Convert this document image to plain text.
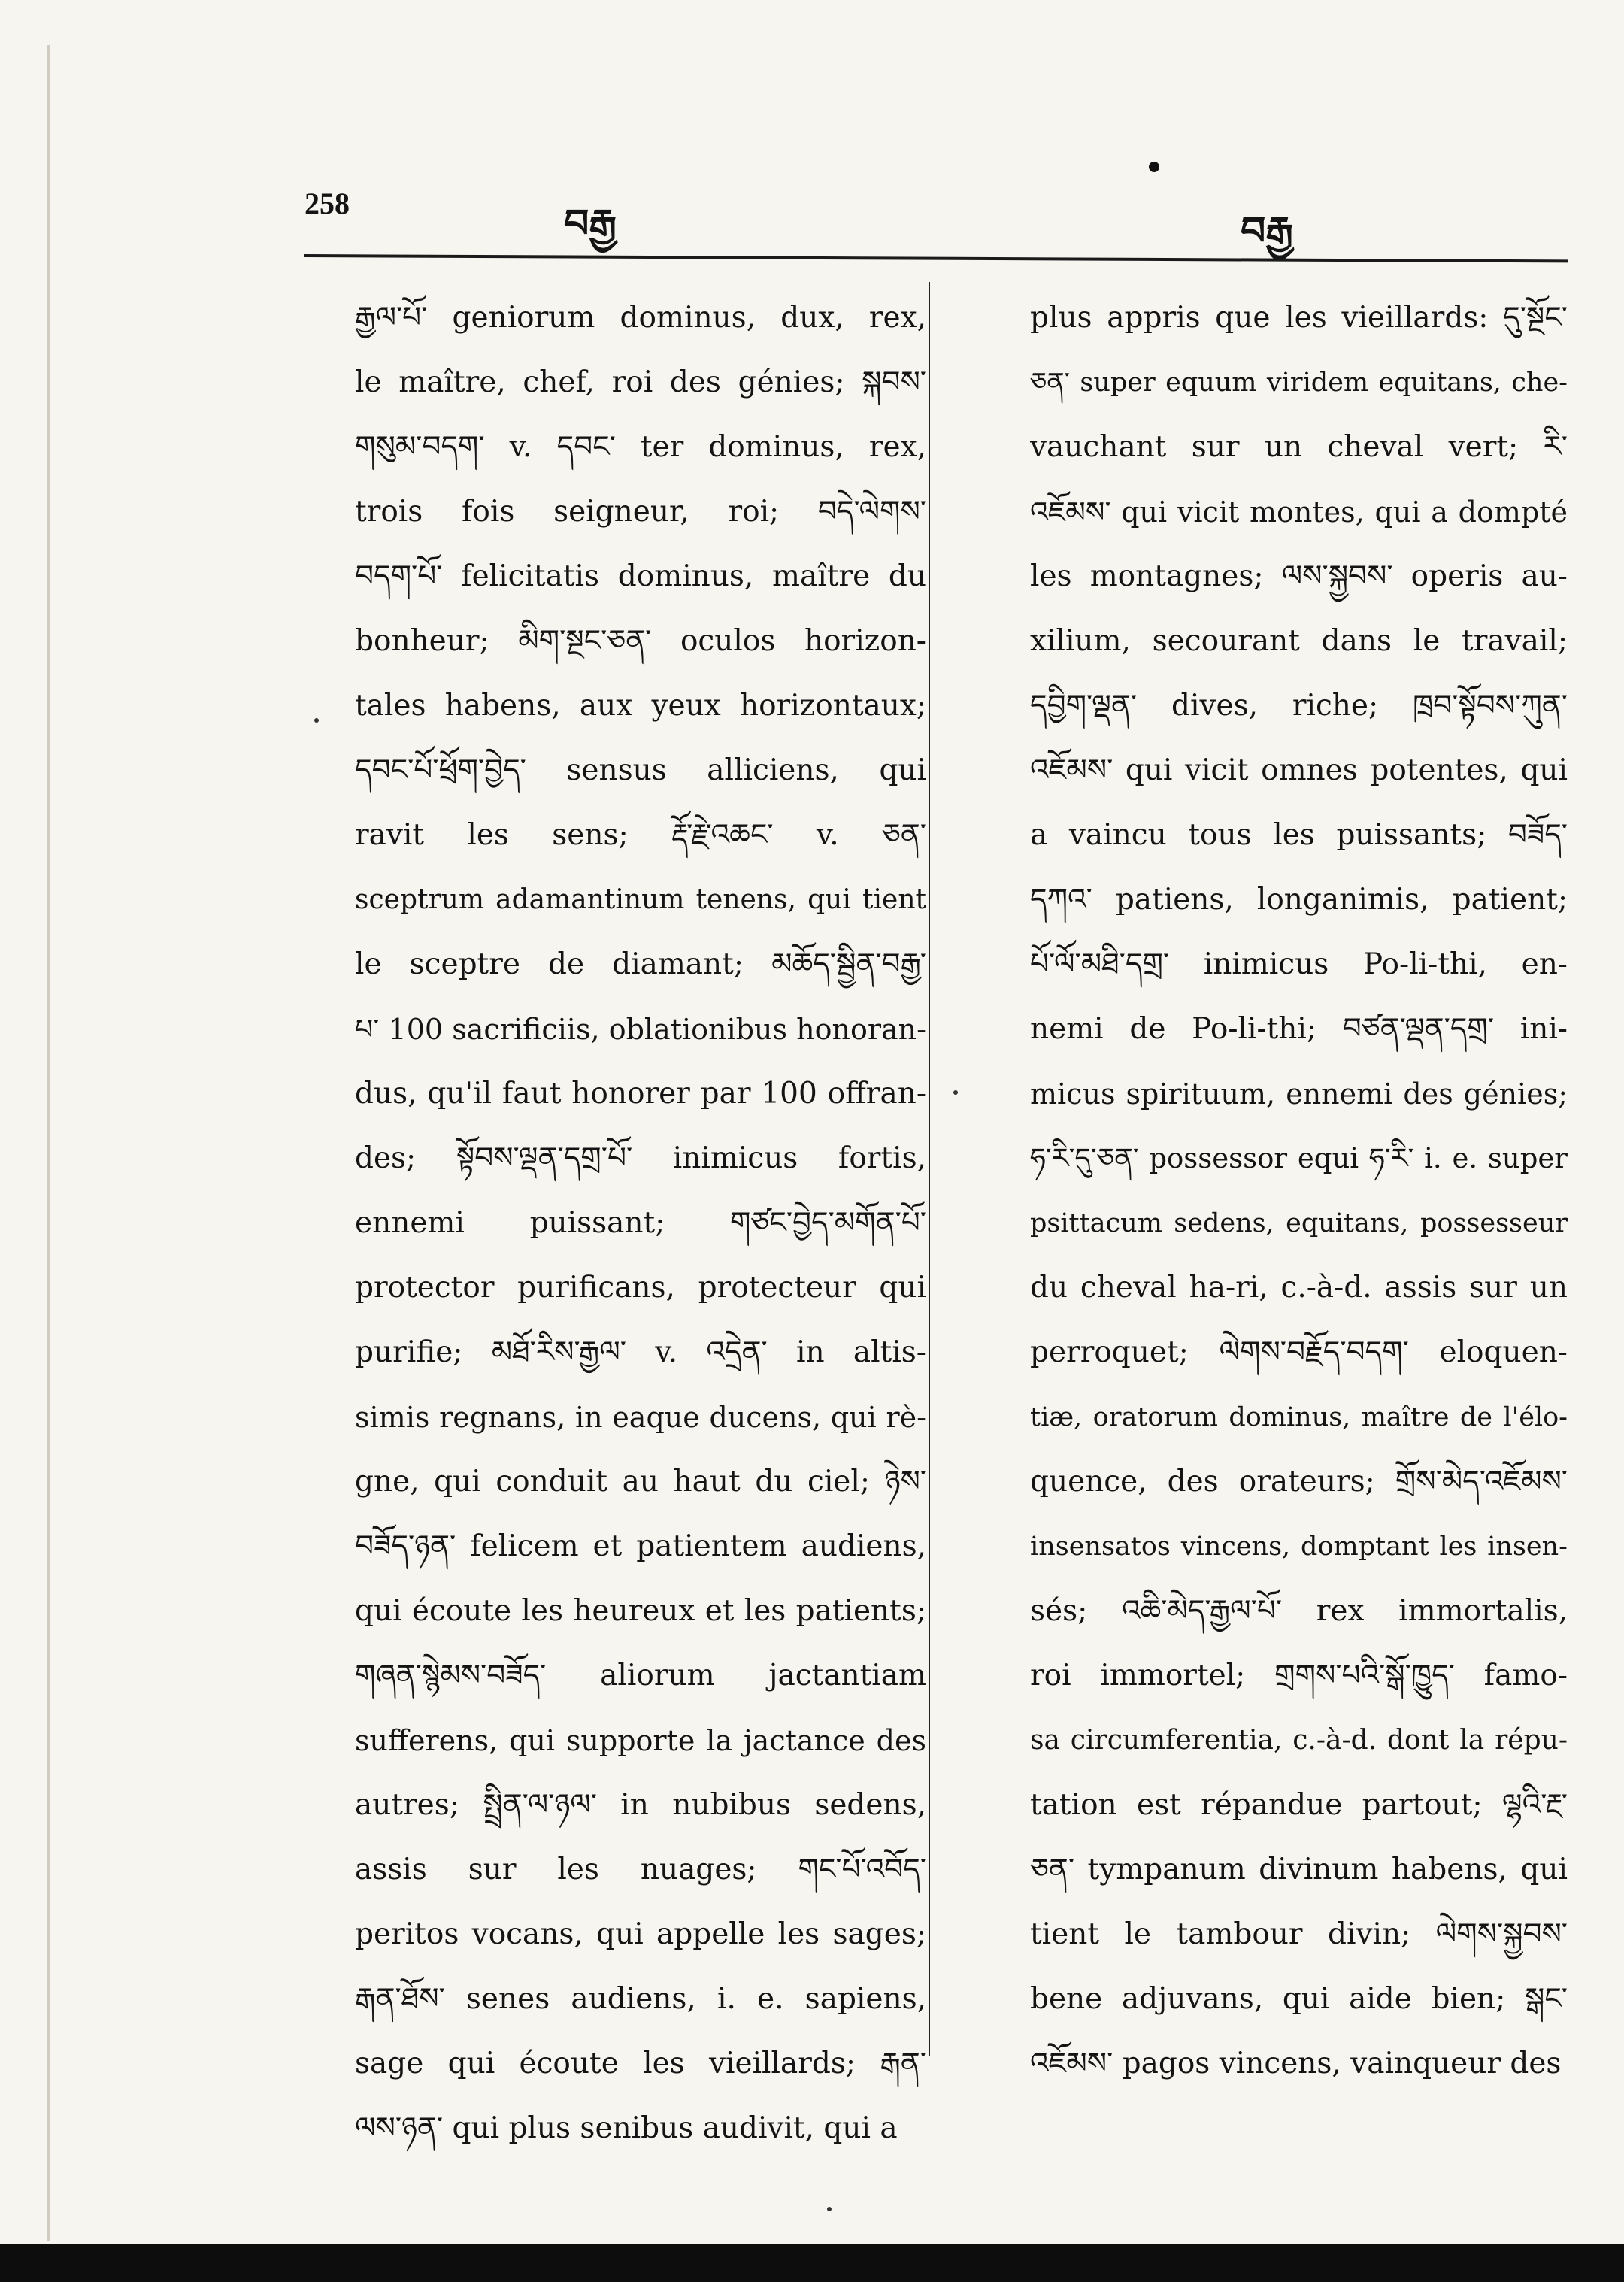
258	བརྒྱ	བརྒྱ
རྒྱལ་པོ་ geniorum dominus, dux, rex,
le maître, chef, roi des génies; སྐབས་
གསུམ་བདག་ v. དབང་ ter dominus, rex,
trois fois seigneur, roi; བདེ་ལེགས་
བདག་པོ་ felicitatis dominus, maître du
bonheur; མིག་སྔང་ཅན་ oculos horizon-
tales habens, aux yeux horizontaux;
དབང་པོ་ཕྲོག་བྱེད་ sensus alliciens, qui
ravit les sens; རྡོ་རྗེ་འཆང་ v. ཅན་
sceptrum adamantinum tenens, qui tient
le sceptre de diamant; མཆོད་སྦྱིན་བརྒྱ་
པ་ 100 sacrificiis, oblationibus honoran-
dus, qu'il faut honorer par 100 offran-
des; སྟོབས་ལྡན་དགྲ་པོ་ inimicus fortis,
ennemi puissant; གཙང་བྱེད་མགོན་པོ་
protector purificans, protecteur qui
purifie; མཐོ་རིས་རྒྱལ་ v. འདྲེན་ in altis-
simis regnans, in eaque ducens, qui rè-
gne, qui conduit au haut du ciel; ཉེས་
བཟོད་ཉན་ felicem et patientem audiens,
qui écoute les heureux et les patients;
གཞན་སྙེམས་བཟོད་ aliorum jactantiam
sufferens, qui supporte la jactance des
autres; སྤྲིན་ལ་ཉལ་ in nubibus sedens,
assis sur les nuages; གང་པོ་འབོད་
peritos vocans, qui appelle les sages;
རྒན་ཐོས་ senes audiens, i. e. sapiens,
sage qui écoute les vieillards; རྒན་
ལས་ཉན་ qui plus senibus audivit, qui a
plus appris que les vieillards: དུ་སྔོང་
ཅན་ super equum viridem equitans, che-
vauchant sur un cheval vert; རི་
འཇོམས་ qui vicit montes, qui a dompté
les montagnes; ལས་སྐྱབས་ operis au-
xilium, secourant dans le travail;
དབྱིག་ལྡན་ dives, riche; ཁྲབ་སྟོབས་ཀུན་
འཇོམས་ qui vicit omnes potentes, qui
a vaincu tous les puissants; བཟོད་
དཀའ་ patiens, longanimis, patient;
པོ་ལོ་མཐི་དགྲ་ inimicus Po-li-thi, en-
nemi de Po-li-thi; བཙན་ལྡན་དགྲ་ ini-
micus spirituum, ennemi des génies;
ཧ་རི་དུ་ཅན་ possessor equi ཧ་རི་ i. e. super
psittacum sedens, equitans, possesseur
du cheval ha-ri, c.-à-d. assis sur un
perroquet; ལེགས་བརྗོད་བདག་ eloquen-
tiæ, oratorum dominus, maître de l'élo-
quence, des orateurs; གྲོས་མེད་འཇོམས་
insensatos vincens, domptant les insen-
sés; འཆི་མེད་རྒྱལ་པོ་ rex immortalis,
roi immortel; གྲགས་པའི་སྒོ་ཁྱུད་ famo-
sa circumferentia, c.-à-d. dont la répu-
tation est répandue partout; ལྷའི་རྔ་
ཅན་ tympanum divinum habens, qui
tient le tambour divin; ལེགས་སྐྱབས་
bene adjuvans, qui aide bien; སྒང་
འཇོམས་ pagos vincens, vainqueur des
